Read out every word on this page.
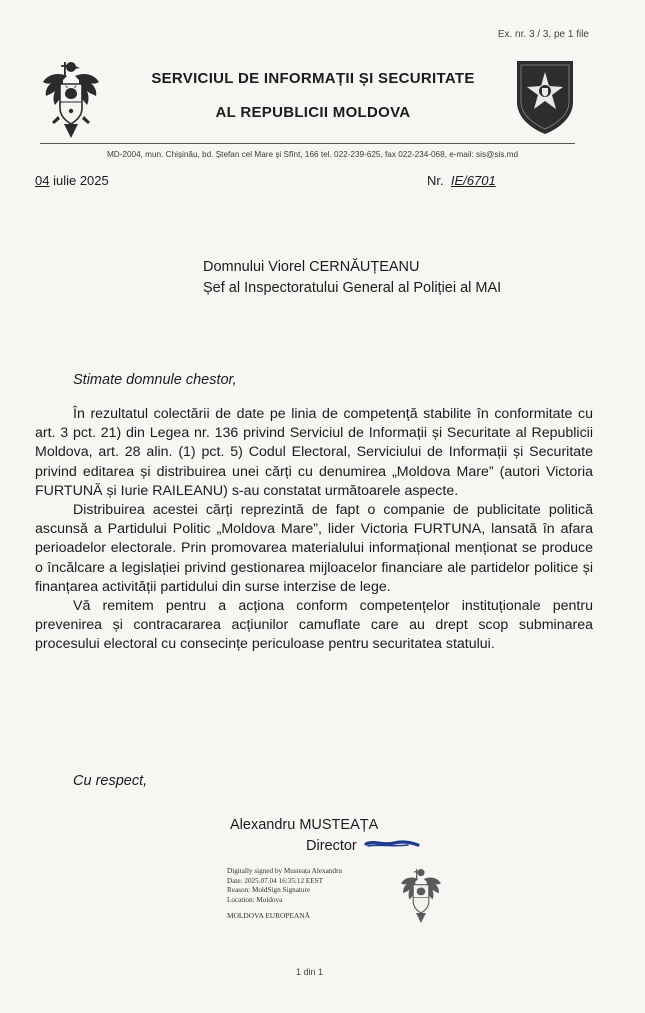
Ex. nr. 3 / 3, pe 1 file
SERVICIUL DE INFORMAȚII ȘI SECURITATE
AL REPUBLICII MOLDOVA
MD-2004, mun. Chișinău, bd. Ștefan cel Mare și Sfînt, 166 tel. 022-239-625, fax 022-234-068, e-mail: sis@sis.md
04 iulie 2025	Nr. IE/6701
Domnului Viorel CERNĂUȚEANU
Șef al Inspectoratului General al Poliției al MAI
Stimate domnule chestor,

În rezultatul colectării de date pe linia de competență stabilite în conformitate cu art. 3 pct. 21) din Legea nr. 136 privind Serviciul de Informații și Securitate al Republicii Moldova, art. 28 alin. (1) pct. 5) Codul Electoral, Serviciului de Informații și Securitate privind editarea și distribuirea unei cărți cu denumirea „Moldova Mare” (autori Victoria FURTUNĂ și Iurie RAILEANU) s-au constatat următoarele aspecte.

Distribuirea acestei cărți reprezintă de fapt o companie de publicitate politică ascunsă a Partidului Politic „Moldova Mare”, lider Victoria FURTUNA, lansată în afara perioadelor electorale. Prin promovarea materialului informațional menționat se produce o încălcare a legislației privind gestionarea mijloacelor financiare ale partidelor politice și finanțarea activității partidului din surse interzise de lege.

Vă remitem pentru a acționa conform competențelor instituționale pentru prevenirea și contracararea acțiunilor camuflate care au drept scop subminarea procesului electoral cu consecințe periculoase pentru securitatea statului.

Cu respect,
Alexandru MUSTEAȚA
Director
Digitally signed by Musteața Alexandru
Date: 2025.07.04 16:35:12 EEST
Reason: MoldSign Signature
Location: Moldova
MOLDOVA EUROPEANĂ
1 din 1
